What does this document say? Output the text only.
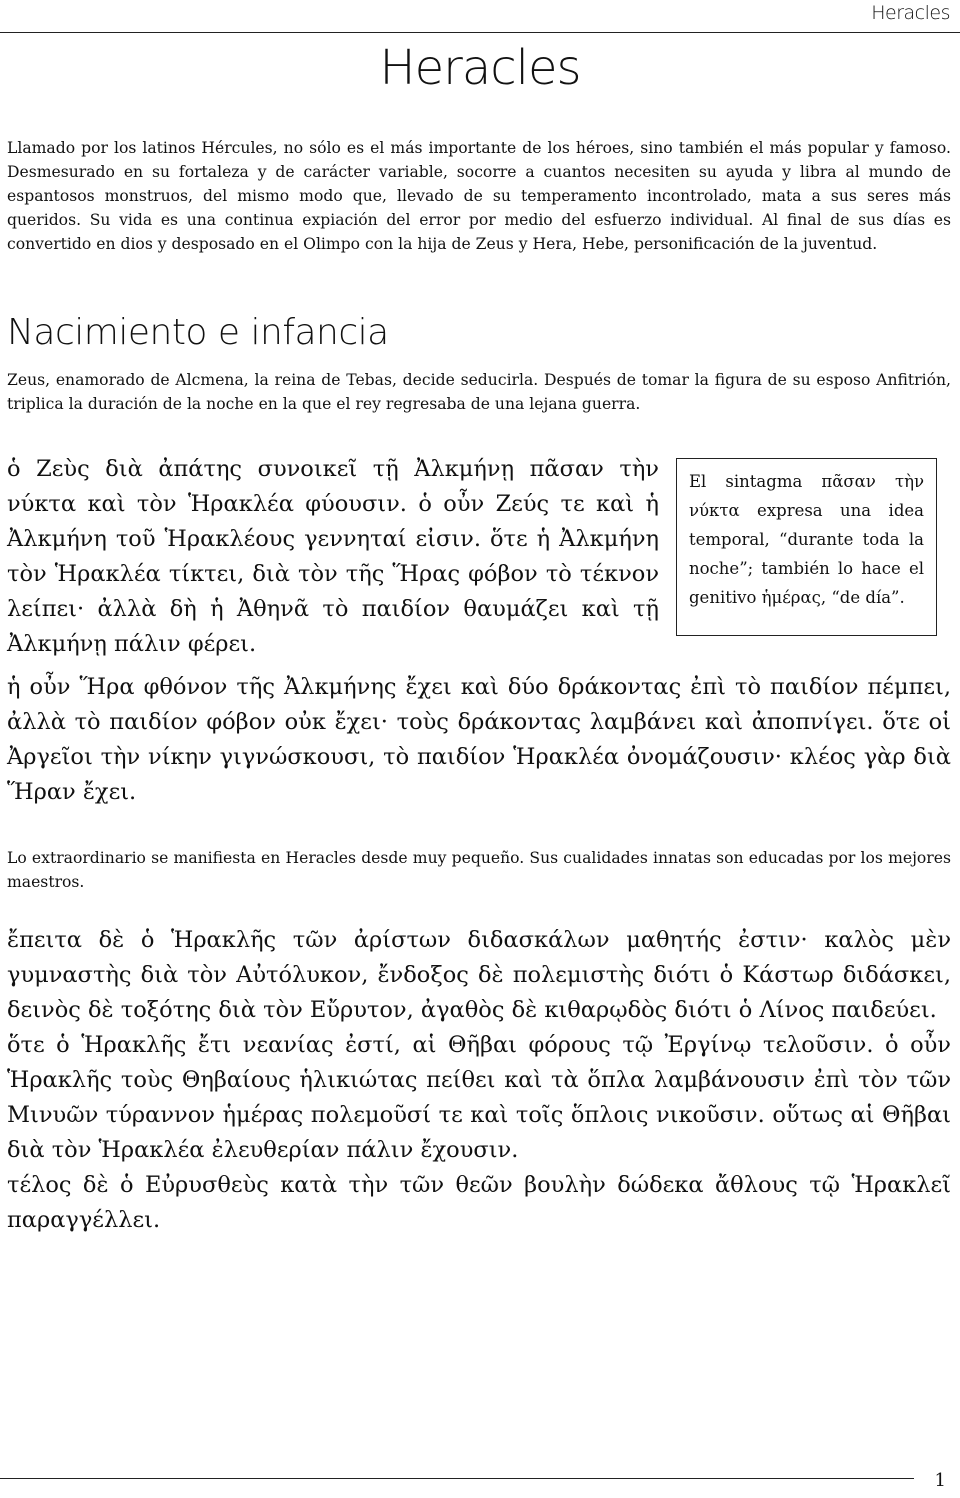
Heracles
Heracles
Llamado por los latinos Hércules, no sólo es el más importante de los héroes, sino también el más popular y famoso. Desmesurado en su fortaleza y de carácter variable, socorre a cuantos necesiten su ayuda y libra al mundo de espantosos monstruos, del mismo modo que, llevado de su temperamento incontrolado, mata a sus seres más queridos. Su vida es una continua expiación del error por medio del esfuerzo individual. Al final de sus días es convertido en dios y desposado en el Olimpo con la hija de Zeus y Hera, Hebe, personificación de la juventud.
Nacimiento e infancia
Zeus, enamorado de Alcmena, la reina de Tebas, decide seducirla. Después de tomar la figura de su esposo Anfitrión, triplica la duración de la noche en la que el rey regresaba de una lejana guerra.

ὁ Ζεὺς διὰ ἀπάτης συνοικεῖ τῇ Ἀλκμήνῃ πᾶσαν τὴν νύκτα καὶ τὸν Ἡρακλέα φύουσιν. ὁ οὖν Ζεύς τε καὶ ἡ Ἀλκμήνη τοῦ Ἡρακλέους γεννηταί εἰσιν. ὅτε ἡ Ἀλκμήνη τὸν Ἡρακλέα τίκτει, διὰ τὸν τῆς Ἥρας φόβον τὸ τέκνον λείπει· ἀλλὰ δὴ ἡ Ἀθηνᾶ τὸ παιδίον θαυμάζει καὶ τῇ Ἀλκμήνῃ πάλιν φέρει.

El sintagma πᾶσαν τὴν νύκτα expresa una idea temporal, “durante toda la noche”; también lo hace el genitivo ἡμέρας, “de día”.

ἡ οὖν Ἥρα φθόνον τῆς Ἀλκμήνης ἔχει καὶ δύο δράκοντας ἐπὶ τὸ παιδίον πέμπει, ἀλλὰ τὸ παιδίον φόβον οὐκ ἔχει· τοὺς δράκοντας λαμβάνει καὶ ἀποπνίγει. ὅτε οἱ Ἀργεῖοι τὴν νίκην γιγνώσκουσι, τὸ παιδίον Ἡρακλέα ὀνομάζουσιν· κλέος γὰρ διὰ Ἥραν ἔχει.

Lo extraordinario se manifiesta en Heracles desde muy pequeño. Sus cualidades innatas son educadas por los mejores maestros.

ἔπειτα δὲ ὁ Ἡρακλῆς τῶν ἀρίστων διδασκάλων μαθητής ἐστιν· καλὸς μὲν γυμναστὴς διὰ τὸν Αὐτόλυκον, ἔνδοξος δὲ πολεμιστὴς διότι ὁ Κάστωρ διδάσκει, δεινὸς δὲ τοξότης διὰ τὸν Εὔρυτον, ἀγαθὸς δὲ κιθαρῳδὸς διότι ὁ Λίνος παιδεύει.

ὅτε ὁ Ἡρακλῆς ἔτι νεανίας ἐστί, αἱ Θῆβαι φόρους τῷ Ἐργίνῳ τελοῦσιν. ὁ οὖν Ἡρακλῆς τοὺς Θηβαίους ἡλικιώτας πείθει καὶ τὰ ὅπλα λαμβάνουσιν ἐπὶ τὸν τῶν Μινυῶν τύραννον ἡμέρας πολεμοῦσί τε καὶ τοῖς ὅπλοις νικοῦσιν. οὕτως αἱ Θῆβαι διὰ τὸν Ἡρακλέα ἐλευθερίαν πάλιν ἔχουσιν.

τέλος δὲ ὁ Εὐρυσθεὺς κατὰ τὴν τῶν θεῶν βουλὴν δώδεκα ἄθλους τῷ Ἡρακλεῖ παραγγέλλει.

1
